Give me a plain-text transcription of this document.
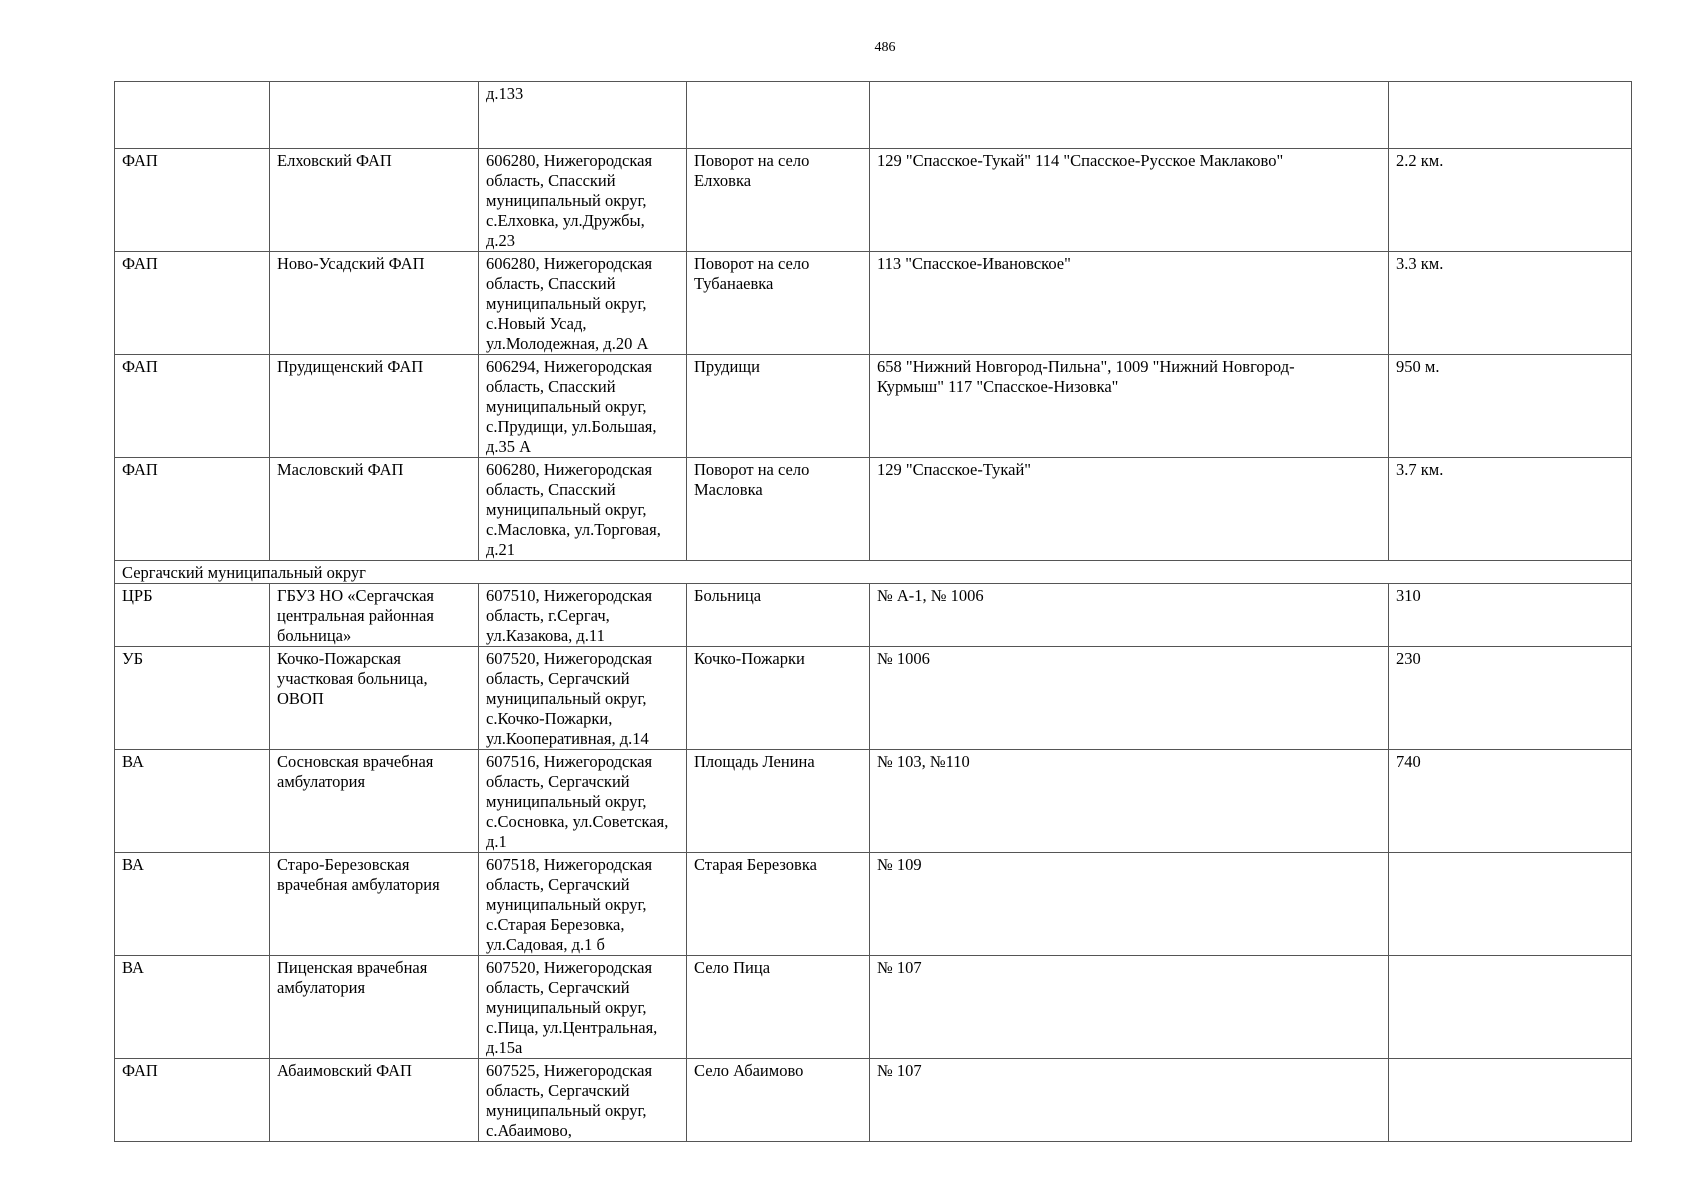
486

		д.133			

ФАП	Елховский ФАП	606280, Нижегородская
область, Спасский
муниципальный округ,
с.Елховка, ул.Дружбы,
д.23	Поворот на село
Елховка	129 "Спасское-Тукай" 114 "Спасское-Русское Маклаково"	2.2 км.

ФАП	Ново-Усадский ФАП	606280, Нижегородская
область, Спасский
муниципальный округ,
с.Новый Усад,
ул.Молодежная, д.20 А	Поворот на село
Тубанаевка	113 "Спасское-Ивановское"	3.3 км.

ФАП	Прудищенский ФАП	606294, Нижегородская
область, Спасский
муниципальный округ,
с.Прудищи, ул.Большая,
д.35 А	Прудищи	658 "Нижний Новгород-Пильна", 1009 "Нижний Новгород-
Курмыш" 117 "Спасское-Низовка"	950 м.

ФАП	Масловский ФАП	606280, Нижегородская
область, Спасский
муниципальный округ,
с.Масловка, ул.Торговая,
д.21	Поворот на село
Масловка	129 "Спасское-Тукай"	3.7 км.

Сергачский муниципальный округ					

ЦРБ	ГБУЗ НО «Сергачская
центральная районная
больница»	607510, Нижегородская
область, г.Сергач,
ул.Казакова, д.11	Больница	№ А-1, № 1006	310

УБ	Кочко-Пожарская
участковая больница,
ОВОП	607520, Нижегородская
область, Сергачский
муниципальный округ,
с.Кочко-Пожарки,
ул.Кооперативная, д.14	Кочко-Пожарки	№ 1006	230

ВА	Сосновская врачебная
амбулатория	607516, Нижегородская
область, Сергачский
муниципальный округ,
с.Сосновка, ул.Советская,
д.1	Площадь Ленина	№ 103, №110	740

ВА	Старо-Березовская
врачебная амбулатория	607518, Нижегородская
область, Сергачский
муниципальный округ,
с.Старая Березовка,
ул.Садовая, д.1 б	Старая Березовка	№ 109	

ВА	Пиценская врачебная
амбулатория	607520, Нижегородская
область, Сергачский
муниципальный округ,
с.Пица, ул.Центральная,
д.15а	Село Пица	№ 107	

ФАП	Абаимовский ФАП	607525, Нижегородская
область, Сергачский
муниципальный округ,
с.Абаимово,	Село Абаимово	№ 107	
